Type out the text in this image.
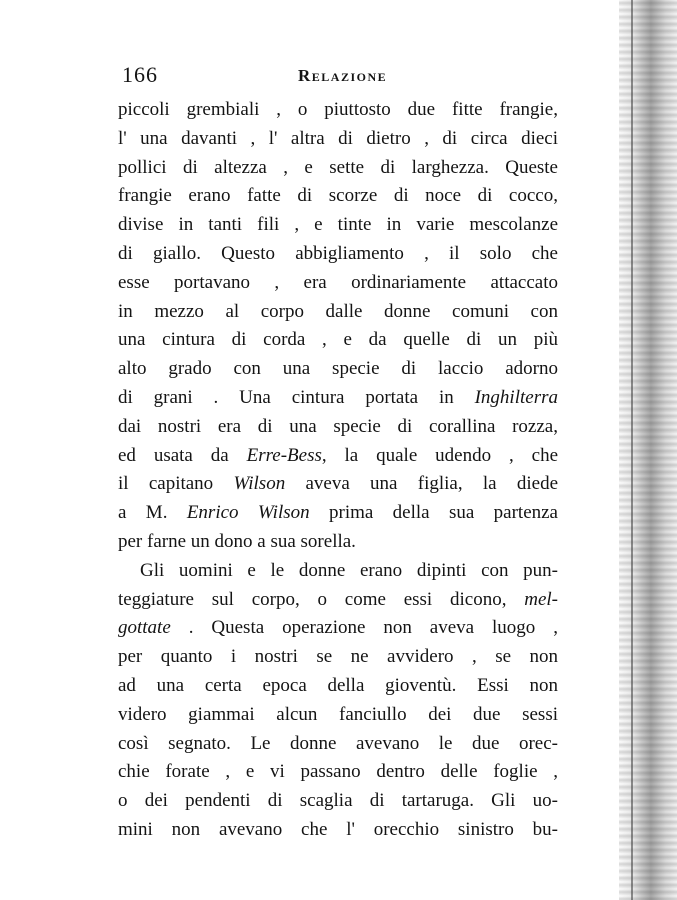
166	Relazione
piccoli grembiali , o piuttosto due fitte frangie,
l' una davanti , l' altra di dietro , di circa dieci
pollici di altezza , e sette di larghezza. Queste
frangie erano fatte di scorze di noce di cocco,
divise in tanti fili , e tinte in varie mescolanze
di giallo. Questo abbigliamento , il solo che
esse portavano , era ordinariamente attaccato
in mezzo al corpo dalle donne comuni con
una cintura di corda , e da quelle di un più
alto grado con una specie di laccio adorno
di grani . Una cintura portata in Inghilterra
dai nostri era di una specie di corallina rozza,
ed usata da Erre-Bess, la quale udendo , che
il capitano Wilson aveva una figlia, la diede
a M. Enrico Wilson prima della sua partenza
per farne un dono a sua sorella.
Gli uomini e le donne erano dipinti con pun-
teggiature sul corpo, o come essi dicono, mel-
gottate . Questa operazione non aveva luogo ,
per quanto i nostri se ne avvidero , se non
ad una certa epoca della gioventù. Essi non
videro giammai alcun fanciullo dei due sessi
così segnato. Le donne avevano le due orec-
chie forate , e vi passano dentro delle foglie ,
o dei pendenti di scaglia di tartaruga. Gli uo-
mini non avevano che l' orecchio sinistro bu-
